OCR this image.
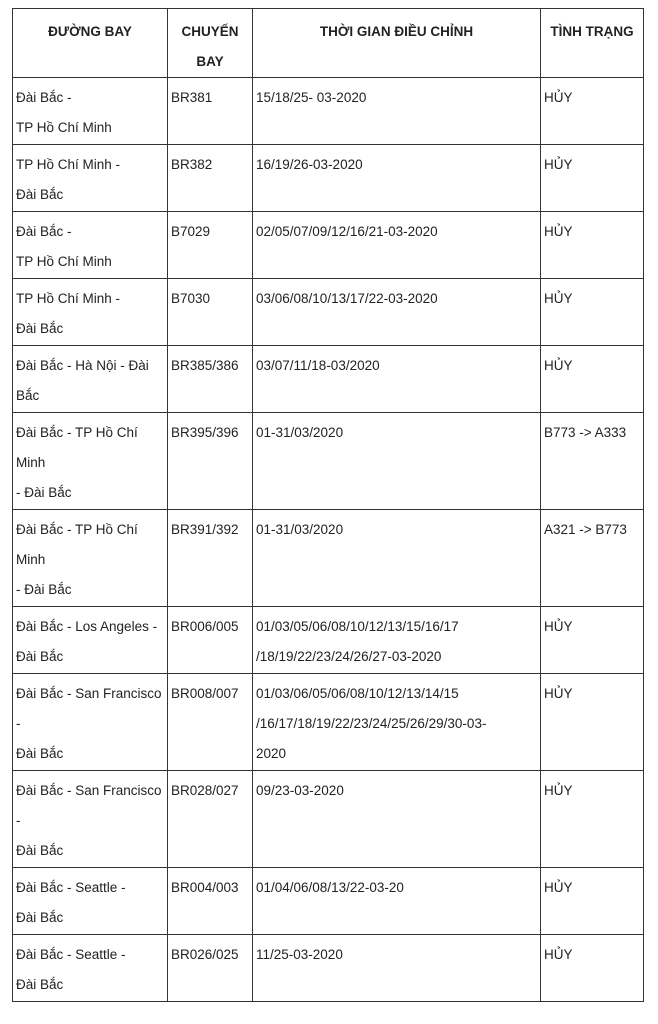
ĐƯỜNG BAY	CHUYẾN BAY	THỜI GIAN ĐIỀU CHỈNH	TÌNH TRẠNG

Đài Bắc -
TP Hồ Chí Minh	BR381	15/18/25- 03-2020	HỦY

TP Hồ Chí Minh -
Đài Bắc	BR382	16/19/26-03-2020	HỦY

Đài Bắc -
TP Hồ Chí Minh	B7029	02/05/07/09/12/16/21-03-2020	HỦY

TP Hồ Chí Minh -
Đài Bắc	B7030	03/06/08/10/13/17/22-03-2020	HỦY

Đài Bắc - Hà Nội - Đài
Bắc	BR385/386	03/07/11/18-03/2020	HỦY

Đài Bắc - TP Hồ Chí
Minh
- Đài Bắc	BR395/396	01-31/03/2020	B773 -> A333

Đài Bắc - TP Hồ Chí
Minh
- Đài Bắc	BR391/392	01-31/03/2020	A321 -> B773

Đài Bắc - Los Angeles -
Đài Bắc	BR006/005	01/03/05/06/08/10/12/13/15/16/17
/18/19/22/23/24/26/27-03-2020	HỦY

Đài Bắc - San Francisco
-
Đài Bắc	BR008/007	01/03/06/05/06/08/10/12/13/14/15
/16/17/18/19/22/23/24/25/26/29/30-03-
2020	HỦY

Đài Bắc - San Francisco
-
Đài Bắc	BR028/027	09/23-03-2020	HỦY

Đài Bắc - Seattle -
Đài Bắc	BR004/003	01/04/06/08/13/22-03-20	HỦY

Đài Bắc - Seattle -
Đài Bắc	BR026/025	11/25-03-2020	HỦY
